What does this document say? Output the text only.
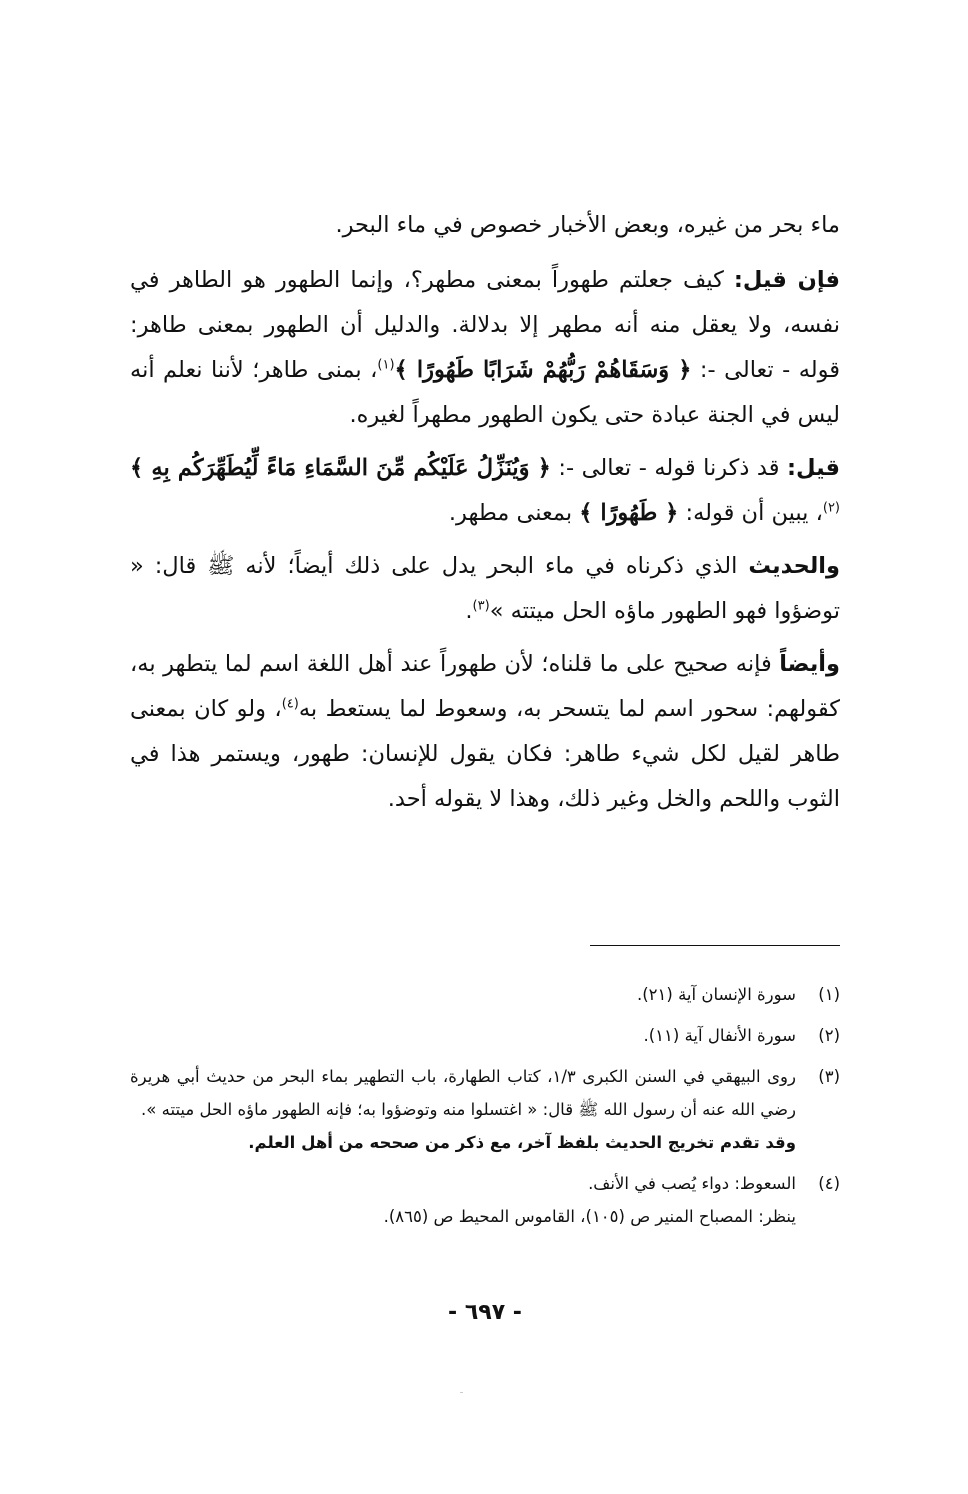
ماء بحر من غيره، وبعض الأخبار خصوص في ماء البحر.

فإن قيل: كيف جعلتم طهوراً بمعنى مطهر؟، وإنما الطهور هو الطاهر في نفسه، ولا يعقل منه أنه مطهر إلا بدلالة. والدليل أن الطهور بمعنى طاهر: قوله - تعالى -: ﴿ وَسَقَاهُمْ رَبُّهُمْ شَرَابًا طَهُورًا ﴾$^{(١)}$، بمنى طاهر؛ لأننا نعلم أنه ليس في الجنة عبادة حتى يكون الطهور مطهراً لغيره.

قيل: قد ذكرنا قوله - تعالى -: ﴿ وَيُنَزِّلُ عَلَيْكُم مِّنَ السَّمَاءِ مَاءً لِّيُطَهِّرَكُم بِهِ ﴾$^{(٢)}$، يبين أن قوله: ﴿ طَهُورًا ﴾ بمعنى مطهر.

والحديث الذي ذكرناه في ماء البحر يدل على ذلك أيضاً؛ لأنه ﷺ قال: « توضؤوا فهو الطهور ماؤه الحل ميتته »$^{(٣)}$.

وأيضاً فإنه صحيح على ما قلناه؛ لأن طهوراً عند أهل اللغة اسم لما يتطهر به، كقولهم: سحور اسم لما يتسحر به، وسعوط لما يستعط به$^{(٤)}$، ولو كان بمعنى طاهر لقيل لكل شيء طاهر: فكان يقول للإنسان: طهور، ويستمر هذا في الثوب واللحم والخل وغير ذلك، وهذا لا يقوله أحد.

(١)
سورة الإنسان آية (٢١).
(٢)
سورة الأنفال آية (١١).
(٣)
روى البيهقي في السنن الكبرى ١/٣، كتاب الطهارة، باب التطهير بماء البحر من حديث أبي هريرة رضي الله عنه أن رسول الله ﷺ قال: « اغتسلوا منه وتوضؤوا به؛ فإنه الطهور ماؤه الحل ميتته ».
وقد تقدم تخريج الحديث بلفظ آخر، مع ذكر من صححه من أهل العلم.
(٤)
السعوط: دواء يُصب في الأنف.
ينظر: المصباح المنير ص (١٠٥)، القاموس المحيط ص (٨٦٥).
- ٦٩٧ -
